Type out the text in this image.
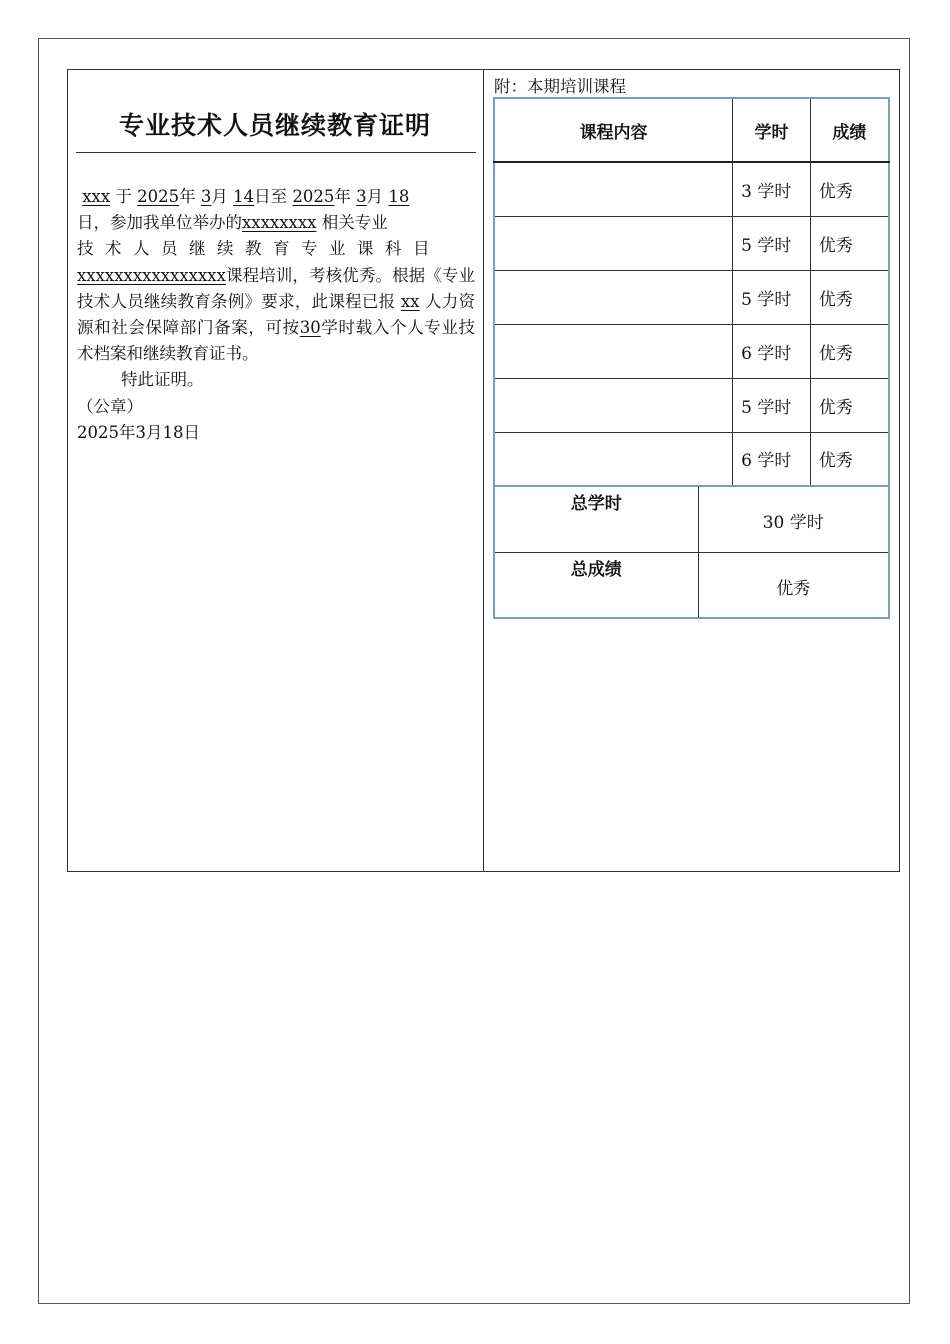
专业技术人员继续教育证明
xxx 于 2025年 3月 14日至 2025年 3月 18
日，参加我单位举办的xxxxxxxx 相关专业
技术人员继续教育专业课科目
xxxxxxxxxxxxxxxx课程培训，考核优秀。根据《专业技术人员继续教育条例》要求，此课程已报 xx 人力资源和社会保障部门备案，可按30学时载入个人专业技术档案和继续教育证书。
特此证明。
（公章）
2025年3月18日
附：本期培训课程
课程内容	学时	成绩
	3 学时	优秀
	5 学时	优秀
	5 学时	优秀
	6 学时	优秀
	5 学时	优秀
	6 学时	优秀
总学时	30 学时
总成绩	优秀
